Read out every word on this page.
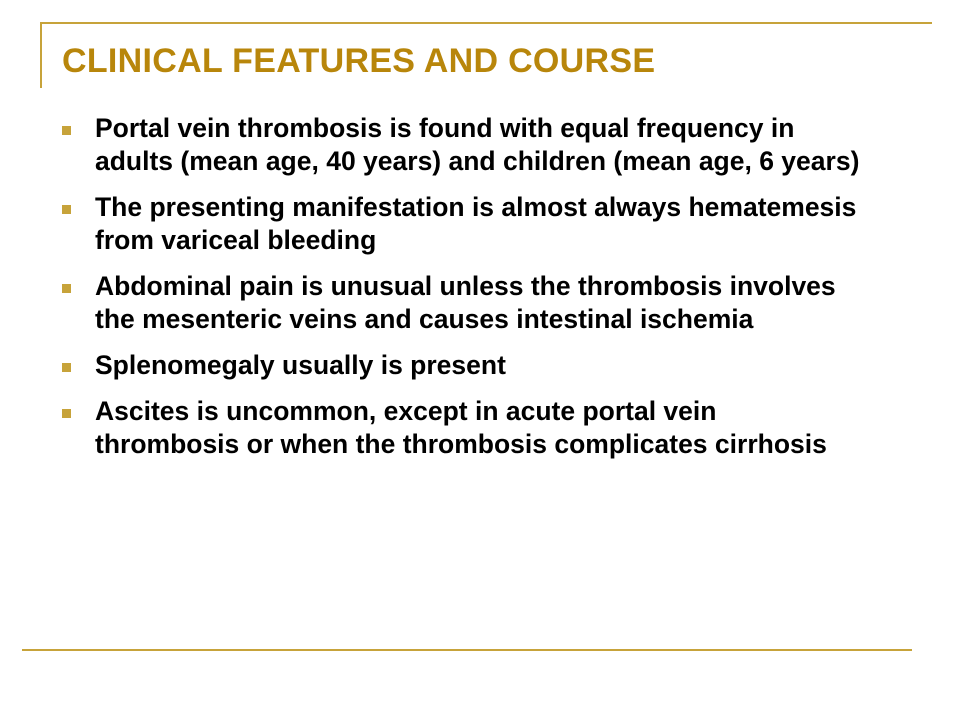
CLINICAL FEATURES AND COURSE
Portal vein thrombosis is found with equal frequency in adults (mean age, 40 years) and children (mean age, 6 years)
The presenting manifestation is almost always hematemesis from variceal bleeding
Abdominal pain is unusual unless the thrombosis involves the mesenteric veins and causes intestinal ischemia
Splenomegaly usually is present
Ascites is uncommon, except in acute portal vein thrombosis or when the thrombosis complicates cirrhosis
